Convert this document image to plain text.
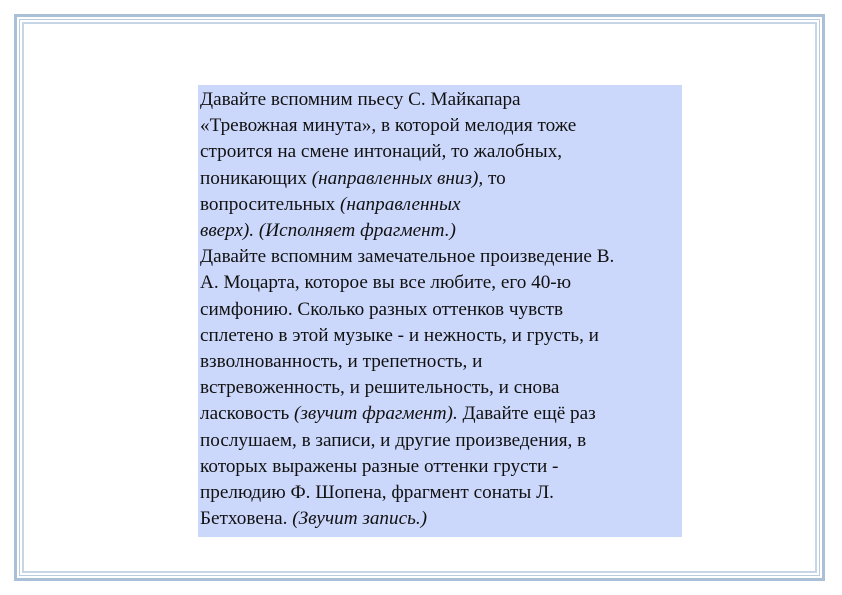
Давайте вспомним пьесу С. Майкапара
«Тревожная минута», в которой мелодия тоже
строится на смене интонаций, то жалобных,
поникающих (направленных вниз), то
вопросительных (направленных
вверх). (Исполняет фрагмент.)
Давайте вспомним замечательное произведение В.
А. Моцарта, которое вы все любите, его 40-ю
симфонию. Сколько разных оттенков чувств
сплетено в этой музыке - и нежность, и грусть, и
взволнованность, и трепетность, и
встревоженность, и решительность, и снова
ласковость (звучит фрагмент). Давайте ещё раз
послушаем, в записи, и другие произведения, в
которых выражены разные оттенки грусти -
прелюдию Ф. Шопена, фрагмент сонаты Л.
Бетховена. (Звучит запись.)
